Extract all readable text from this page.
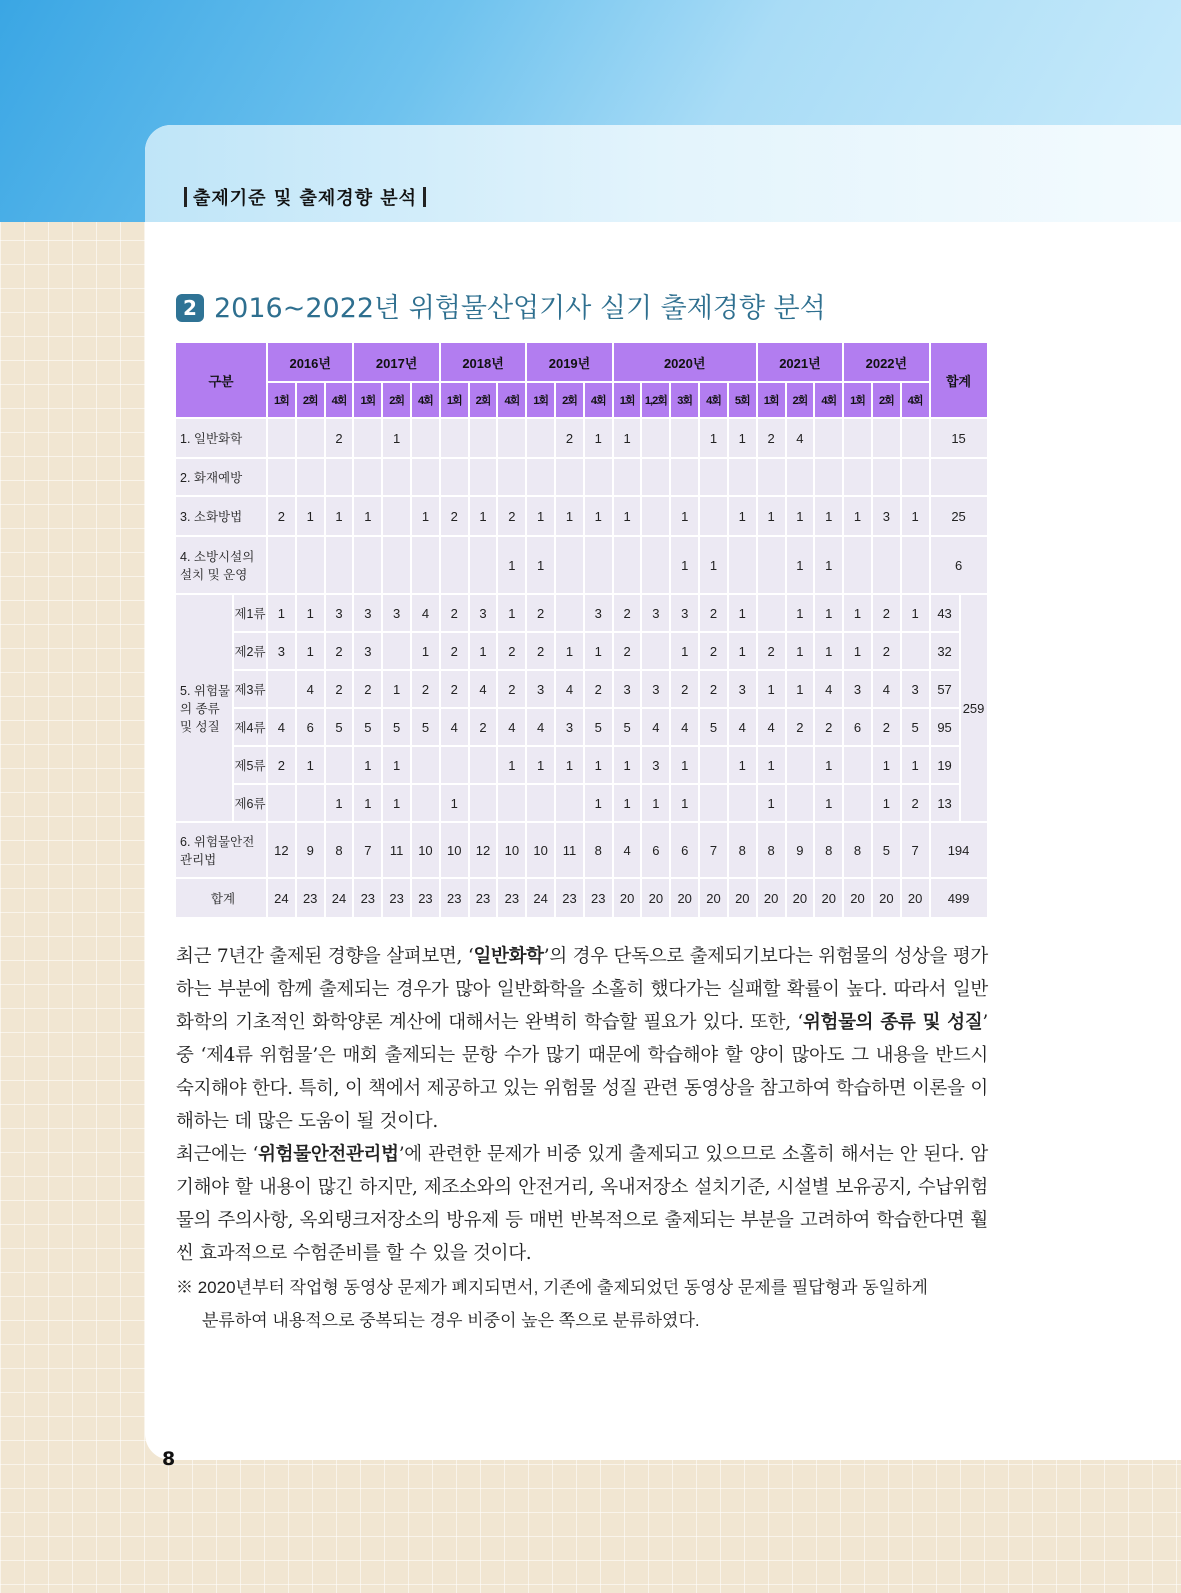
출제기준 및 출제경향 분석
2 2016~2022년 위험물산업기사 실기 출제경향 분석
구분		2016년			2017년			2018년			2019년			2020년					2021년			2022년			합계	
		1회	2회	4회	1회	2회	4회	1회	2회	4회	1회	2회	4회	1회	1,2회	3회	4회	5회	1회	2회	4회	1회	2회	4회		
1. 일반화학				2		1						2	1	1			1	1	2	4					15	
2. 화재예방																										
3. 소화방법		2	1	1	1		1	2	1	2	1	1	1	1		1		1	1	1	1	1	3	1	25	
4. 소방시설의 설치 및 운영										1	1					1	1			1	1				6	
5. 위험물의 종류 및 성질	제1류	1	1	3	3	3	4	2	3	1	2		3	2	3	3	2	1		1	1	1	2	1	43	259
	제2류	3	1	2	3		1	2	1	2	2	1	1	2		1	2	1	2	1	1	1	2		32	
	제3류		4	2	2	1	2	2	4	2	3	4	2	3	3	2	2	3	1	1	4	3	4	3	57	
	제4류	4	6	5	5	5	5	4	2	4	4	3	5	5	4	4	5	4	4	2	2	6	2	5	95	
	제5류	2	1		1	1				1	1	1	1	1	3	1		1	1		1		1	1	19	
	제6류			1	1	1		1					1	1	1	1			1		1		1	2	13	
6. 위험물안전 관리법		12	9	8	7	11	10	10	12	10	10	11	8	4	6	6	7	8	8	9	8	8	5	7	194	
합계		24	23	24	23	23	23	23	23	23	24	23	23	20	20	20	20	20	20	20	20	20	20	20	499	

최근 7년간 출제된 경향을 살펴보면, ‘일반화학’의 경우 단독으로 출제되기보다는 위험물의 성상을 평가하는 부분에 함께 출제되는 경우가 많아 일반화학을 소홀히 했다가는 실패할 확률이 높다. 따라서 일반화학의 기초적인 화학양론 계산에 대해서는 완벽히 학습할 필요가 있다. 또한, ‘위험물의 종류 및 성질’ 중 ‘제4류 위험물’은 매회 출제되는 문항 수가 많기 때문에 학습해야 할 양이 많아도 그 내용을 반드시 숙지해야 한다. 특히, 이 책에서 제공하고 있는 위험물 성질 관련 동영상을 참고하여 학습하면 이론을 이해하는 데 많은 도움이 될 것이다.

최근에는 ‘위험물안전관리법’에 관련한 문제가 비중 있게 출제되고 있으므로 소홀히 해서는 안 된다. 암기해야 할 내용이 많긴 하지만, 제조소와의 안전거리, 옥내저장소 설치기준, 시설별 보유공지, 수납위험물의 주의사항, 옥외탱크저장소의 방유제 등 매번 반복적으로 출제되는 부분을 고려하여 학습한다면 훨씬 효과적으로 수험준비를 할 수 있을 것이다.

※ 2020년부터 작업형 동영상 문제가 폐지되면서, 기존에 출제되었던 동영상 문제를 필답형과 동일하게
분류하여 내용적으로 중복되는 경우 비중이 높은 쪽으로 분류하였다.
8
